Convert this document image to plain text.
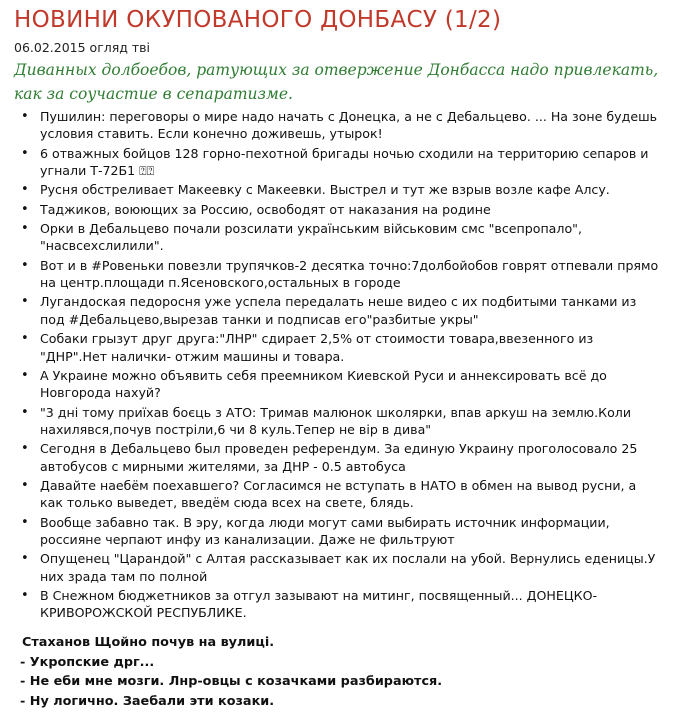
НОВИНИ ОКУПОВАНОГО ДОНБАСУ (1/2)
06.02.2015 огляд тві
Диванных долбоебов, ратующих за отвержение Донбасса надо привлекать, как за соучастие в сепаратизме.
• Пушилин: переговоры о мире надо начать с Донецка, а не с Дебальцево. ... На зоне будешь условия ставить. Если конечно доживешь, утырок!
• 6 отважных бойцов 128 горно-пехотной бригады ночью сходили на территорию сепаров и угнали Т-72Б1 ⍰⍰
• Русня обстреливает Макеевку с Макеевки. Выстрел и тут же взрыв возле кафе Алсу.
• Таджиков, воюющих за Россию, освободят от наказания на родине
• Орки в Дебальцево почали розсилати українським військовим смс "всепропало", "насвсехслилили".
• Вот и в #Ровеньки повезли трупячков-2 десятка точно:7долбойобов говрят отпевали прямо на центр.площади п.Ясеновского,остальных в городе
• Лугандоская педоросня уже успела передалать неше видео с их подбитыми танками из под #Дебальцево,вырезав танки и подписав его"разбитые укры"
• Собаки грызут друг друга:"ЛНР" сдирает 2,5% от стоимости товара,ввезенного из "ДНР".Нет налички- отжим машины и товара.
• А Украине можно объявить себя преемником Киевской Руси и аннексировать всё до Новгорода нахуй?
• "3 дні тому приїхав боєць з АТО: Тримав малюнок школярки, впав аркуш на землю.Коли нахилявся,почув постріли,6 чи 8 куль.Тепер не вір в дива"
• Сегодня в Дебальцево был проведен референдум. За единую Украину проголосовало 25 автобусов с мирными жителями, за ДНР - 0.5 автобуса
• Давайте наебём поехавшего? Согласимся не вступать в НАТО в обмен на вывод русни, а как только выведет, введём сюда всех на свете, блядь.
• Вообще забавно так. В эру, когда люди могут сами выбирать источник информации, россияне черпают инфу из канализации. Даже не фильтруют
• Опущенец "Царандой" с Алтая рассказывает как их послали на убой. Вернулись еденицы.У них зрада там по полной
• В Снежном бюджетников за отгул зазывают на митинг, посвященный... ДОНЕЦКО-КРИВОРОЖСКОЙ РЕСПУБЛИКЕ.
Стаханов Щойно почув на вулиці.
- Укропские дрг...
- Не еби мне мозги. Лнр-овцы с козачками разбираются.
- Ну логично. Заебали эти козаки.
